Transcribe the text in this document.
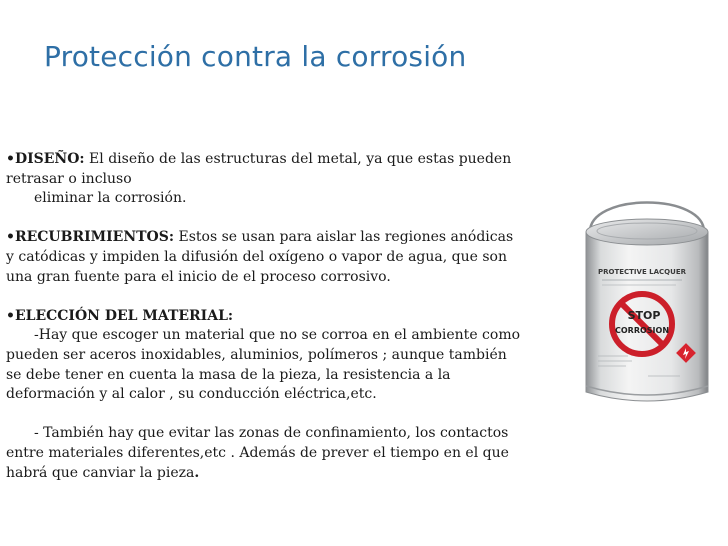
Protección contra la corrosión
•DISEÑO: El diseño de las estructuras del metal, ya que estas pueden
retrasar o incluso
eliminar la corrosión.
•RECUBRIMIENTOS: Estos se usan para aislar las regiones anódicas
y catódicas y impiden la difusión del oxígeno o vapor de agua, que son
una gran fuente para el inicio de el proceso corrosivo.
•ELECCIÓN DEL MATERIAL:
-Hay que escoger un material que no se corroa en el ambiente como
pueden ser aceros inoxidables, aluminios, polímeros ; aunque también
se debe tener en cuenta la masa de la pieza, la resistencia a la
deformación y al calor , su conducción eléctrica,etc.
- También hay que evitar las zonas de confinamiento, los contactos
entre materiales diferentes,etc . Además de prever el tiempo en el que
habrá que canviar la pieza.
PROTECTIVE LACQUER
STOP
CORROSION
